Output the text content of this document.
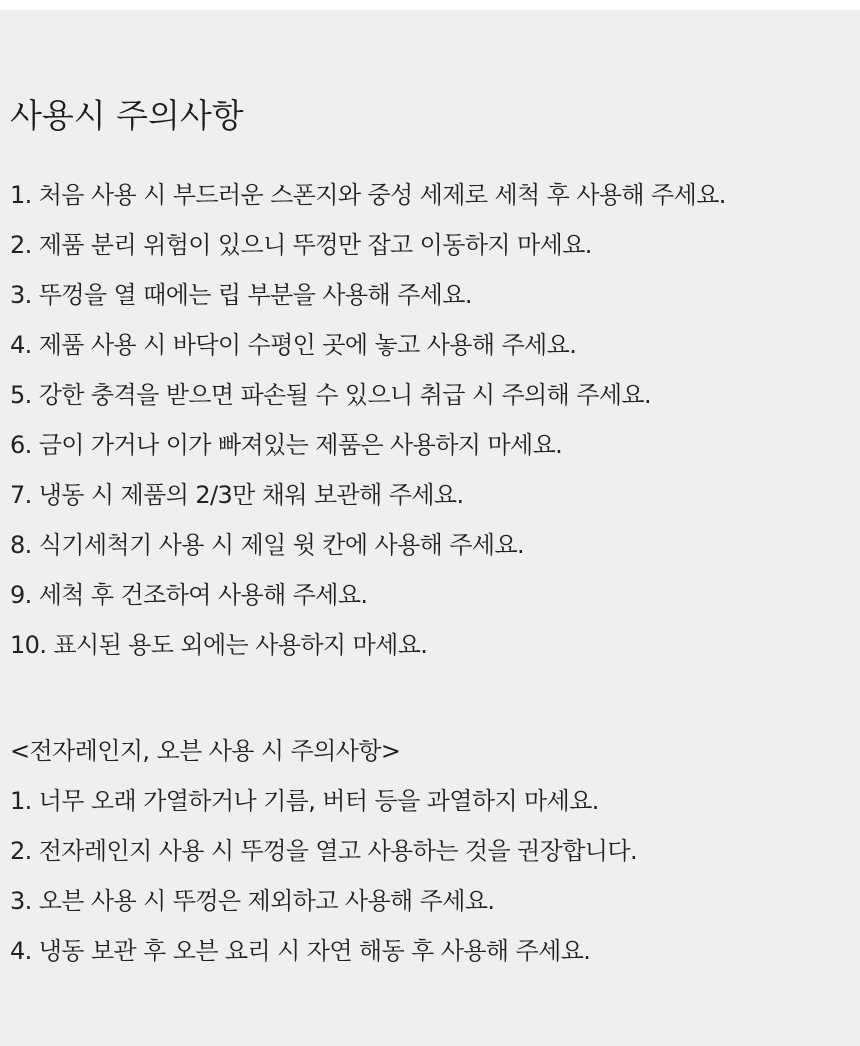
사용시 주의사항
1. 처음 사용 시 부드러운 스폰지와 중성 세제로 세척 후 사용해 주세요.
2. 제품 분리 위험이 있으니 뚜껑만 잡고 이동하지 마세요.
3. 뚜껑을 열 때에는 립 부분을 사용해 주세요.
4. 제품 사용 시 바닥이 수평인 곳에 놓고 사용해 주세요.
5. 강한 충격을 받으면 파손될 수 있으니 취급 시 주의해 주세요.
6. 금이 가거나 이가 빠져있는 제품은 사용하지 마세요.
7. 냉동 시 제품의 2/3만 채워 보관해 주세요.
8. 식기세척기 사용 시 제일 윗 칸에 사용해 주세요.
9. 세척 후 건조하여 사용해 주세요.
10. 표시된 용도 외에는 사용하지 마세요.
<전자레인지, 오븐 사용 시 주의사항>
1. 너무 오래 가열하거나 기름, 버터 등을 과열하지 마세요.
2. 전자레인지 사용 시 뚜껑을 열고 사용하는 것을 권장합니다.
3. 오븐 사용 시 뚜껑은 제외하고 사용해 주세요.
4. 냉동 보관 후 오븐 요리 시 자연 해동 후 사용해 주세요.
